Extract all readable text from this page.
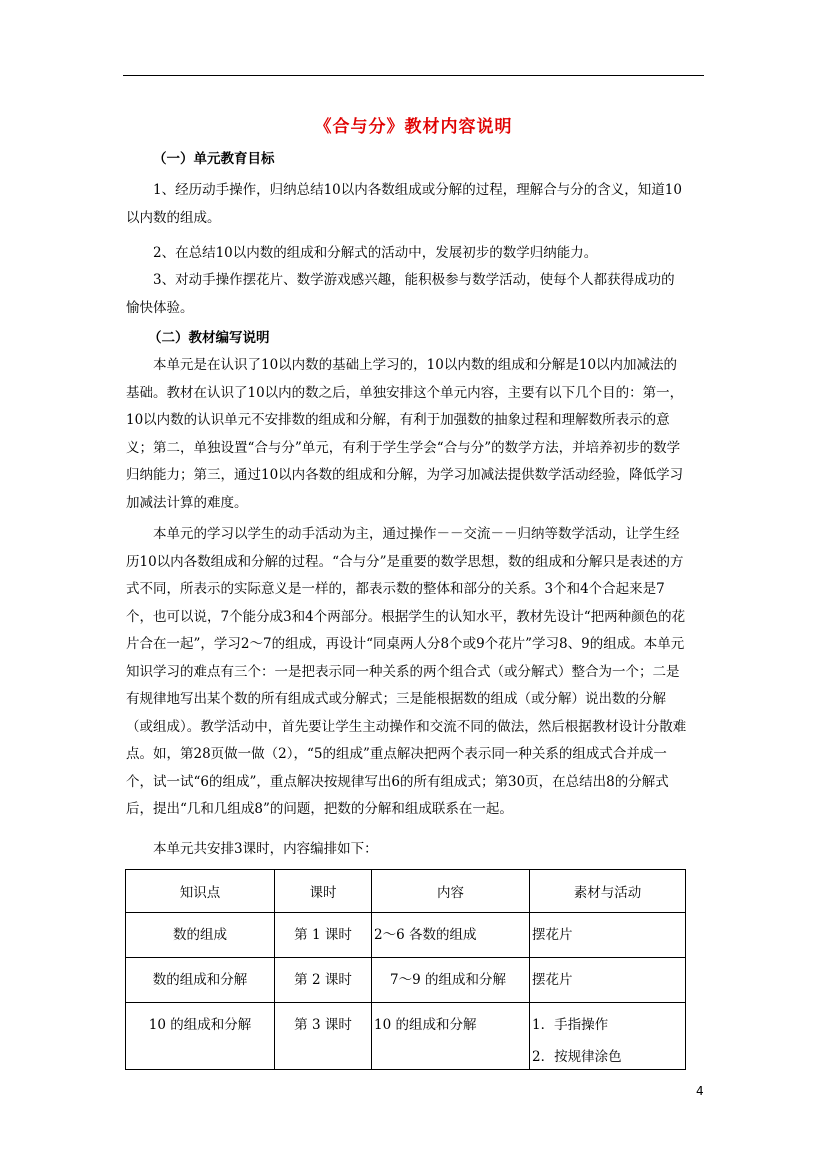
《合与分》教材内容说明
（一）单元教育目标
1、经历动手操作，归纳总结10以内各数组成或分解的过程，理解合与分的含义，知道10以内数的组成。
2、在总结10以内数的组成和分解式的活动中，发展初步的数学归纳能力。
3、对动手操作摆花片、数学游戏感兴趣，能积极参与数学活动，使每个人都获得成功的愉快体验。
（二）教材编写说明
本单元是在认识了10以内数的基础上学习的，10以内数的组成和分解是10以内加减法的基础。教材在认识了10以内的数之后，单独安排这个单元内容，主要有以下几个目的：第一，10以内数的认识单元不安排数的组成和分解，有利于加强数的抽象过程和理解数所表示的意义；第二，单独设置“合与分”单元，有利于学生学会“合与分”的数学方法，并培养初步的数学归纳能力；第三，通过10以内各数的组成和分解，为学习加减法提供数学活动经验，降低学习加减法计算的难度。
本单元的学习以学生的动手活动为主，通过操作－－交流－－归纳等数学活动，让学生经历10以内各数组成和分解的过程。“合与分”是重要的数学思想，数的组成和分解只是表述的方式不同，所表示的实际意义是一样的，都表示数的整体和部分的关系。3个和4个合起来是7个，也可以说，7个能分成3和4个两部分。根据学生的认知水平，教材先设计“把两种颜色的花片合在一起”，学习2～7的组成，再设计“同桌两人分8个或9个花片”学习8、9的组成。本单元知识学习的难点有三个：一是把表示同一种关系的两个组合式（或分解式）整合为一个；二是有规律地写出某个数的所有组成式或分解式；三是能根据数的组成（或分解）说出数的分解（或组成）。教学活动中，首先要让学生主动操作和交流不同的做法，然后根据教材设计分散难点。如，第28页做一做（2），“5的组成”重点解决把两个表示同一种关系的组成式合并成一个，试一试“6的组成”，重点解决按规律写出6的所有组成式；第30页，在总结出8的分解式后，提出“几和几组成8”的问题，把数的分解和组成联系在一起。
本单元共安排3课时，内容编排如下：
知识点	课时	内容	素材与活动

数的组成	第 1 课时	2～6 各数的组成	摆花片

数的组成和分解	第 2 课时	7～9 的组成和分解	摆花片

10 的组成和分解	第 3 课时	10 的组成和分解	1．手指操作
2．按规律涂色
4
